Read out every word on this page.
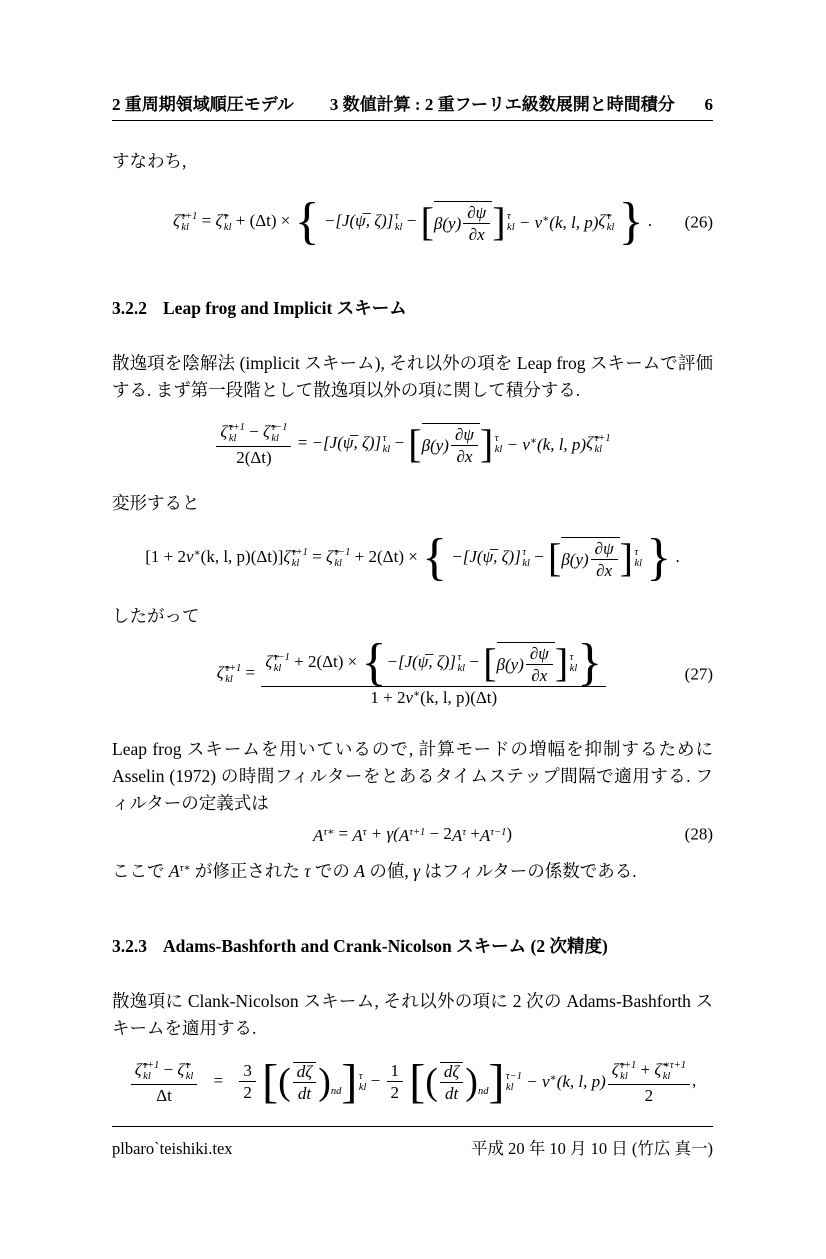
2 重周期領域順圧モデル 3 数値計算 : 2 重フーリエ級数展開と時間積分 6
すなわち,
ζ̃ τ+1
kl = ζ̃ τ
kl + (Δt) × { −[J(ψ̅, ζ)] τ
kl − [ $\beta(y) \frac{\partial\psi}{\partial x}$ ] τ
kl − ν∗(k, l, p)ζ̃ τ
kl } . (26)
3.2.2 Leap frog and Implicit スキーム
散逸項を陰解法 (implicit スキーム), それ以外の項を Leap frog スキームで評価する. まず第一段階として散逸項以外の項に関して積分する.
ζ̃ τ+1
kl − ζ̃ τ−1
kl
2(Δt) = −[J(ψ̅, ζ)] τ
kl − [ $\beta(y) \frac{\partial\psi}{\partial x}$ ] τ
kl − ν∗(k, l, p)ζ̃ τ+1
kl
変形すると
[1 + 2ν∗(k, l, p)(Δt)]ζ̃ τ+1
kl = ζ̃ τ−1
kl + 2(Δt) × { −[J(ψ̅, ζ)] τ
kl − [ $\beta(y) \frac{\partial\psi}{\partial x}$ ] τ
kl } .
したがって
ζ̃ τ+1
kl = ζ̃ τ−1
kl + 2(Δt) × {−[J(ψ̅, ζ)] τ
kl − [ $\beta(y) \frac{\partial\psi}{\partial x}$ ] τ
kl }
1 + 2ν∗(k, l, p)(Δt)	(27)
Leap frog スキームを用いているので, 計算モードの増幅を抑制するために Asselin (1972) の時間フィルターをとあるタイムステップ間隔で適用する. フィルターの定義式は
$A^{\tau∗} = A^\tau + \gamma(A^{\tau+1} - 2A^\tau +A^{\tau-1})$	(28)
ここで $A^{\tau∗}$ が修正された τ での A の値, γ はフィルターの係数である.
3.2.3 Adams-Bashforth and Crank-Nicolson スキーム (2 次精度)
散逸項に Clank-Nicolson スキーム, それ以外の項に 2 次の Adams-Bashforth スキームを適用する.
ζ̃ τ+1
kl − ζ̃ τ
kl
$\Delta t = \frac{3}{2}$ [( $\frac{d\zeta}{dt} )_{nd}$] τ
kl − $\frac{1}{2}$ [( $\frac{d\zeta}{dt} )_{nd}$] τ−1
kl − ν∗(k, l, p) ζ̃ τ+1
kl + ζ̃ ∗τ+1
kl
2 ,
plbaro`teishiki.tex	平成 20 年 10 月 10 日 (竹広 真一)
